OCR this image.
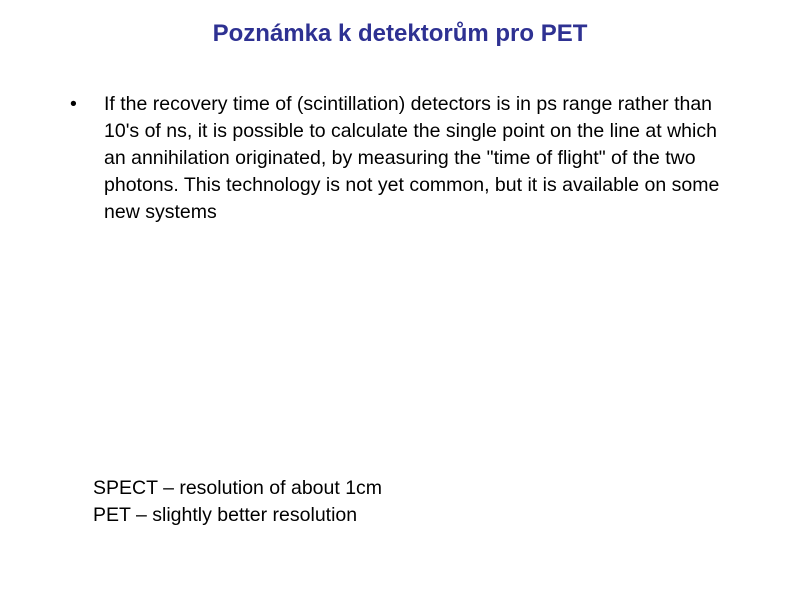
Poznámka k detektorům pro PET
• If the recovery time of (scintillation) detectors is in ps range rather than 10's of ns, it is possible to calculate the single point on the line at which an annihilation originated, by measuring the "time of flight" of the two photons. This technology is not yet common, but it is available on some new systems
SPECT – resolution of about 1cm
PET – slightly better resolution
